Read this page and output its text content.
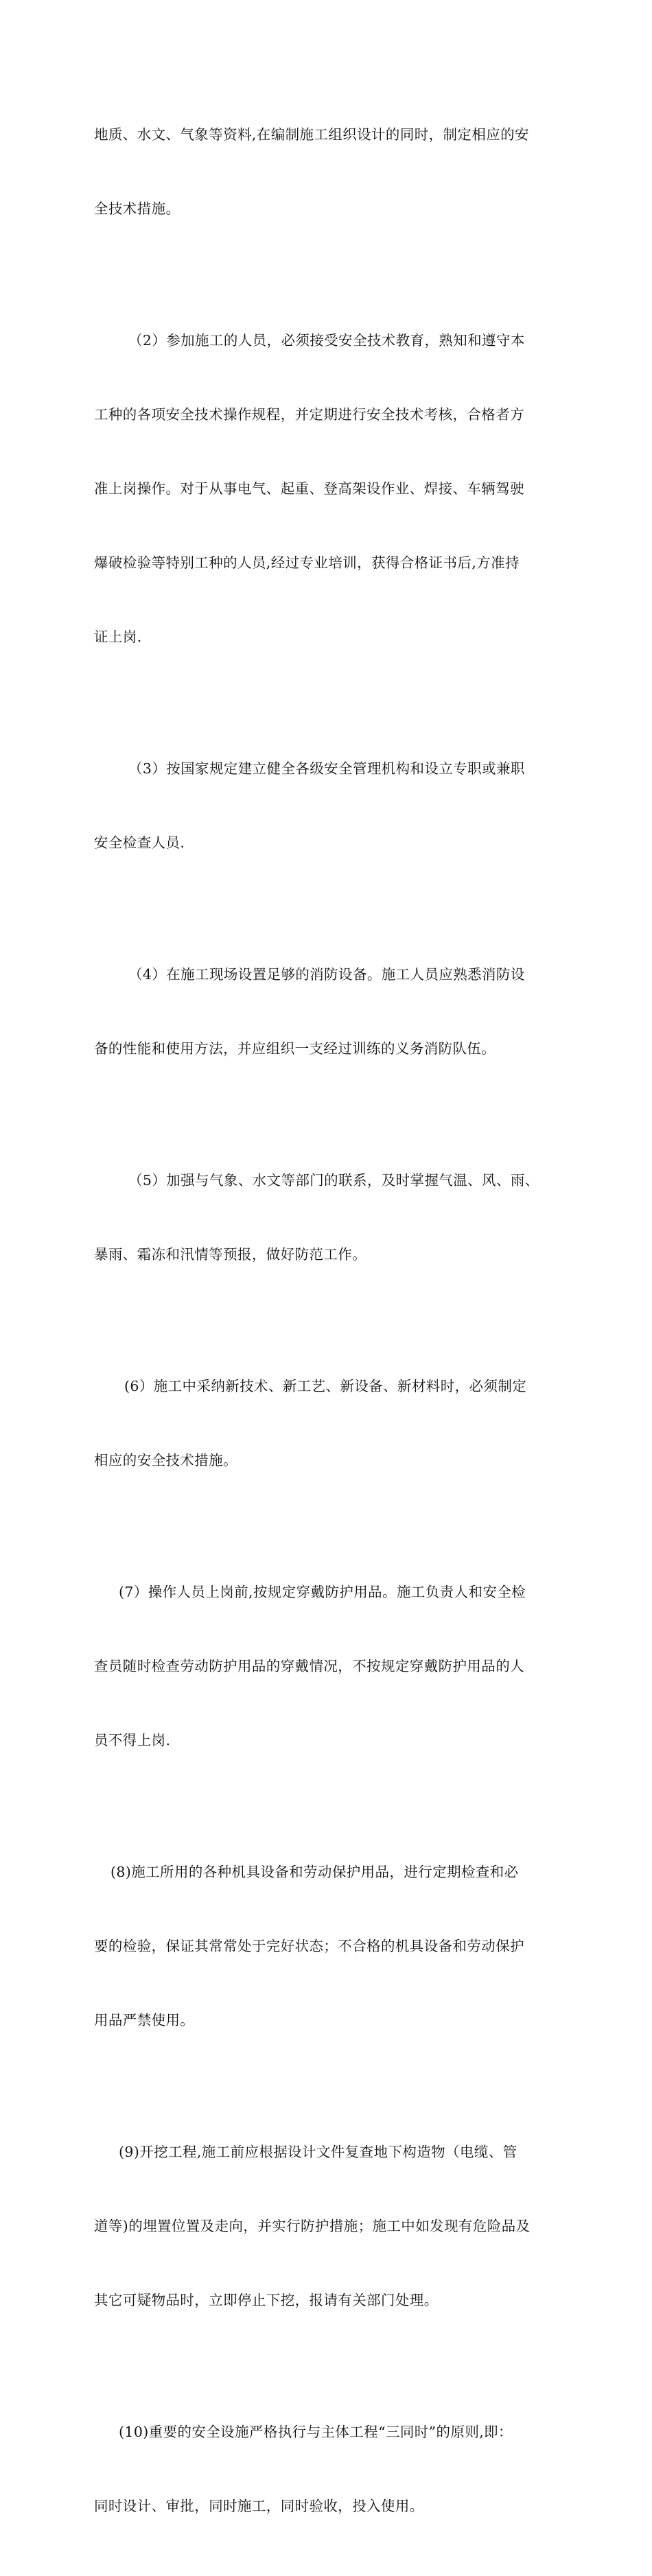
地质、水文、气象等资料,在编制施工组织设计的同时，制定相应的安

全技术措施。

（2）参加施工的人员，必须接受安全技术教育，熟知和遵守本

工种的各项安全技术操作规程，并定期进行安全技术考核，合格者方

准上岗操作。对于从事电气、起重、登高架设作业、焊接、车辆驾驶

爆破检验等特别工种的人员,经过专业培训，获得合格证书后,方准持

证上岗.

（3）按国家规定建立健全各级安全管理机构和设立专职或兼职

安全检查人员.

（4）在施工现场设置足够的消防设备。施工人员应熟悉消防设

备的性能和使用方法，并应组织一支经过训练的义务消防队伍。

（5）加强与气象、水文等部门的联系，及时掌握气温、风、雨、

暴雨、霜冻和汛情等预报，做好防范工作。

(6）施工中采纳新技术、新工艺、新设备、新材料时，必须制定

相应的安全技术措施。

(7）操作人员上岗前,按规定穿戴防护用品。施工负责人和安全检

查员随时检查劳动防护用品的穿戴情况，不按规定穿戴防护用品的人

员不得上岗.

(8)施工所用的各种机具设备和劳动保护用品，进行定期检查和必

要的检验，保证其常常处于完好状态；不合格的机具设备和劳动保护

用品严禁使用。

(9)开挖工程,施工前应根据设计文件复查地下构造物（电缆、管

道等)的埋置位置及走向，并实行防护措施；施工中如发现有危险品及

其它可疑物品时，立即停止下挖，报请有关部门处理。

(10)重要的安全设施严格执行与主体工程“三同时”的原则,即：

同时设计、审批，同时施工，同时验收，投入使用。
